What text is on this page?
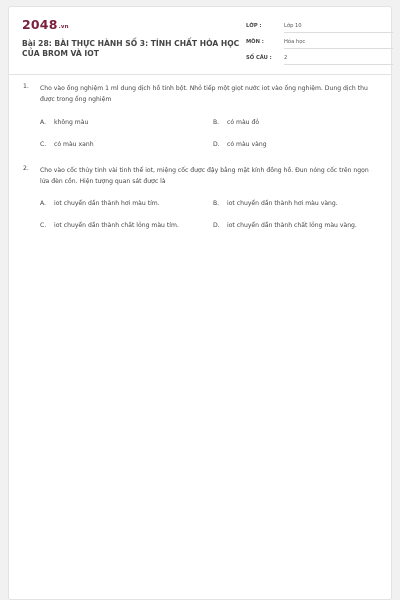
2048.vn
Bài 28: BÀI THỰC HÀNH SỐ 3: TÍNH CHẤT HÓA HỌC CỦA BROM VÀ IOT
LỚP :	Lớp 10
MÔN :	Hóa học
SỐ CÂU : 2
1. Cho vào ống nghiệm 1 ml dung dịch hồ tinh bột. Nhỏ tiếp một giọt nước iot vào ống nghiệm. Dung dịch thu được trong ống nghiệm
A. không màu	B. có màu đỏ
C. có màu xanh	D. có màu vàng
2. Cho vào cốc thủy tinh vài tinh thể iot, miệng cốc được đậy bằng mặt kính đồng hồ. Đun nóng cốc trên ngọn lửa đèn cồn. Hiện tượng quan sát được là
A. iot chuyển dần thành hơi màu tím.	B. iot chuyển dần thành hơi màu vàng.
C. iot chuyển dần thành chất lỏng màu tím.	D. iot chuyển dần thành chất lỏng màu vàng.
